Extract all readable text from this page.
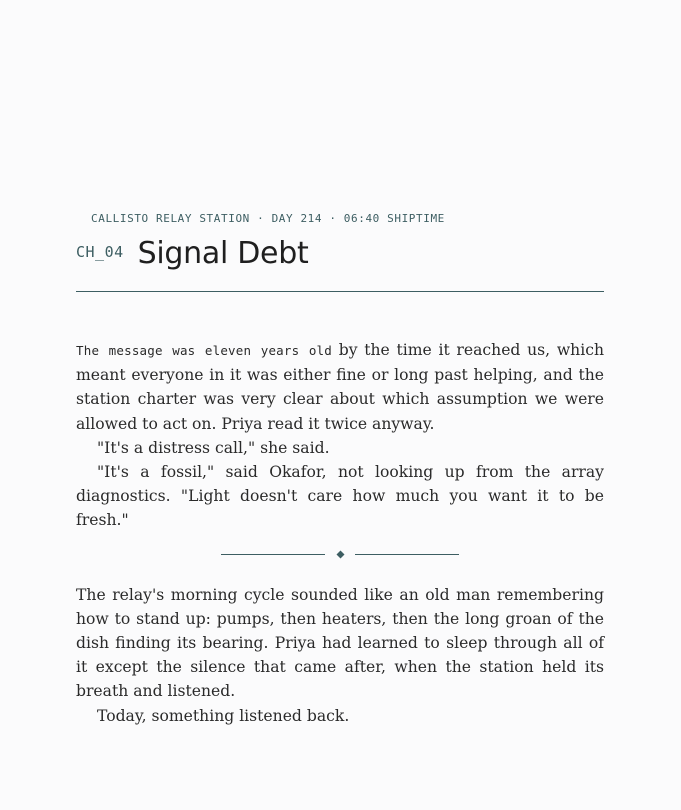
CALLISTO RELAY STATION · DAY 214 · 06:40 SHIPTIME
CH_04 Signal Debt

The message was eleven years old by the time it reached us, which meant everyone in it was either fine or long past helping, and the station charter was very clear about which assumption we were allowed to act on. Priya read it twice anyway.

"It's a distress call," she said.

"It's a fossil," said Okafor, not looking up from the array diagnostics. "Light doesn't care how much you want it to be fresh."

The relay's morning cycle sounded like an old man remembering how to stand up: pumps, then heaters, then the long groan of the dish finding its bearing. Priya had learned to sleep through all of it except the silence that came after, when the station held its breath and listened.

Today, something listened back.
